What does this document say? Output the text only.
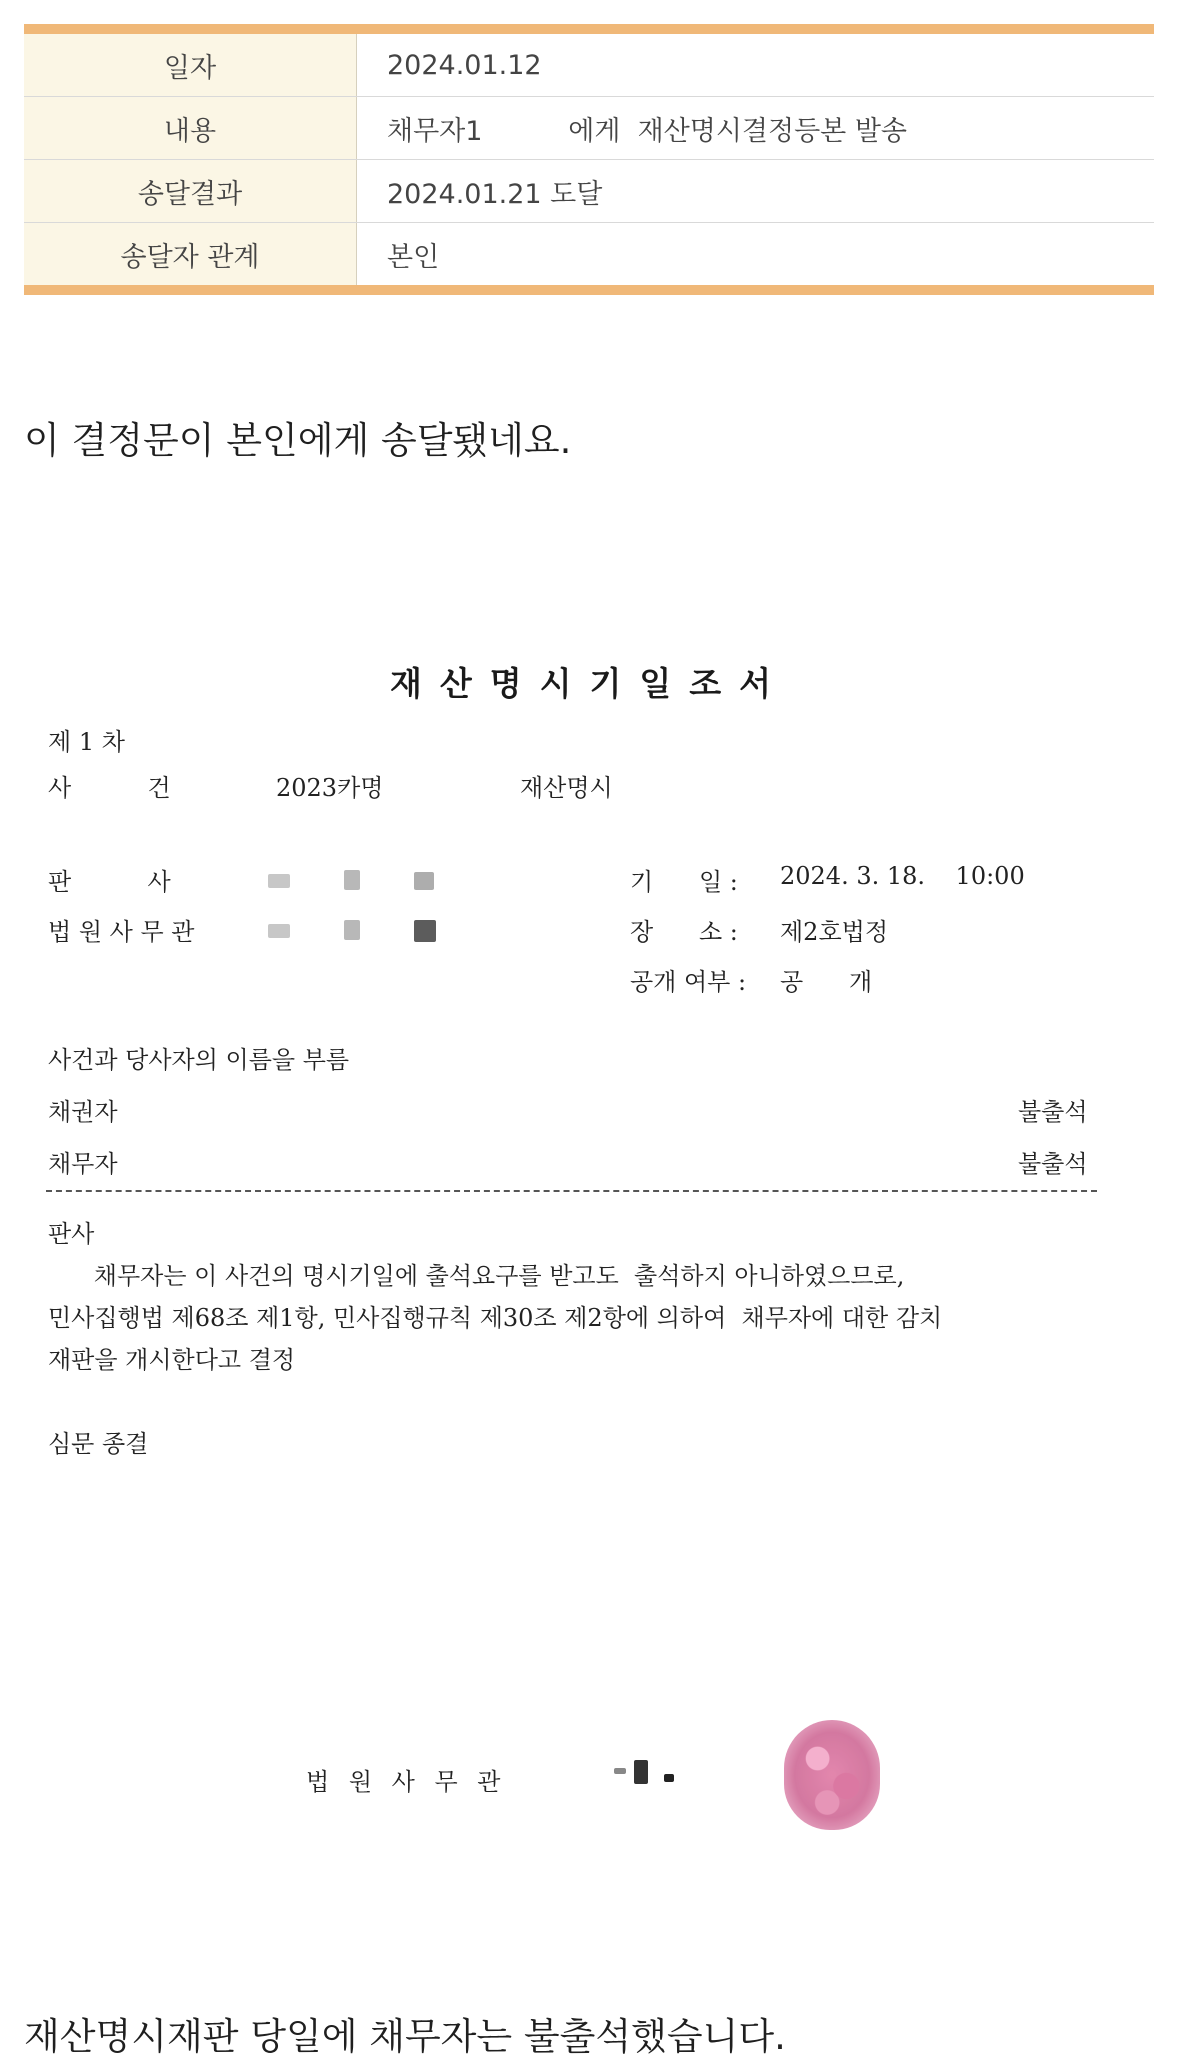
일자	2024.01.12
내용	채무자1          에게  재산명시결정등본 발송
송달결과	2024.01.21 도달
송달자 관계	본인
이 결정문이 본인에게 송달됐네요.
재산명시기일조서
제 1 차
사          건	2023카명	재산명시
판          사
법 원 사 무 관
기      일 : 2024. 3. 18.    10:00
장      소 : 제2호법정
공개 여부 : 공      개
사건과 당사자의 이름을 부름
채권자	불출석
채무자	불출석
판사
채무자는 이 사건의 명시기일에 출석요구를 받고도  출석하지 아니하였으므로,
민사집행법 제68조 제1항, 민사집행규칙 제30조 제2항에 의하여  채무자에 대한 감치
재판을 개시한다고 결정
심문 종결
법 원 사 무 관
재산명시재판 당일에 채무자는 불출석했습니다.
